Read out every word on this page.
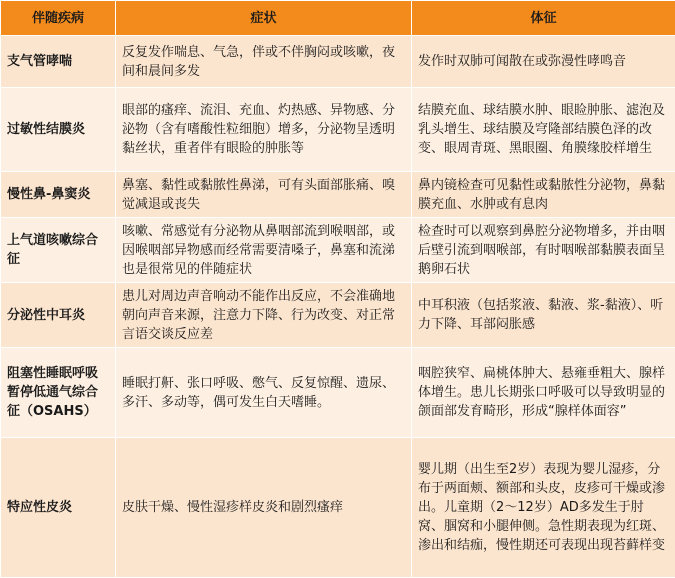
伴随疾病	症状	体征
支气管哮喘	反复发作喘息、气急，伴或不伴胸闷或咳嗽，夜间和晨间多发	发作时双肺可闻散在或弥漫性哮鸣音
过敏性结膜炎	眼部的瘙痒、流泪、充血、灼热感、异物感、分泌物（含有嗜酸性粒细胞）增多，分泌物呈透明黏丝状，重者伴有眼睑的肿胀等	结膜充血、球结膜水肿、眼睑肿胀、滤泡及乳头增生、球结膜及穹隆部结膜色泽的改变、眼周青斑、黑眼圈、角膜缘胶样增生
慢性鼻-鼻窦炎	鼻塞、黏性或黏脓性鼻涕，可有头面部胀痛、嗅觉减退或丧失	鼻内镜检查可见黏性或黏脓性分泌物，鼻黏膜充血、水肿或有息肉
上气道咳嗽综合征	咳嗽、常感觉有分泌物从鼻咽部流到喉咽部，或因喉咽部异物感而经常需要清嗓子，鼻塞和流涕也是很常见的伴随症状	检查时可以观察到鼻腔分泌物增多，并由咽后壁引流到咽喉部，有时咽喉部黏膜表面呈鹅卵石状
分泌性中耳炎	患儿对周边声音响动不能作出反应，不会准确地朝向声音来源，注意力下降、行为改变、对正常言语交谈反应差	中耳积液（包括浆液、黏液、浆-黏液）、听力下降、耳部闷胀感
阻塞性睡眠呼吸暂停低通气综合征（OSAHS）	睡眠打鼾、张口呼吸、憋气、反复惊醒、遗尿、多汗、多动等，偶可发生白天嗜睡。	咽腔狭窄、扁桃体肿大、悬雍垂粗大、腺样体增生。患儿长期张口呼吸可以导致明显的颌面部发育畸形，形成“腺样体面容”
特应性皮炎	皮肤干燥、慢性湿疹样皮炎和剧烈瘙痒	婴儿期（出生至2岁）表现为婴儿湿疹，分布于两面颊、额部和头皮，皮疹可干燥或渗出。儿童期（2～12岁）AD多发生于肘窝、腘窝和小腿伸侧。急性期表现为红斑、渗出和结痂，慢性期还可表现出现苔藓样变
